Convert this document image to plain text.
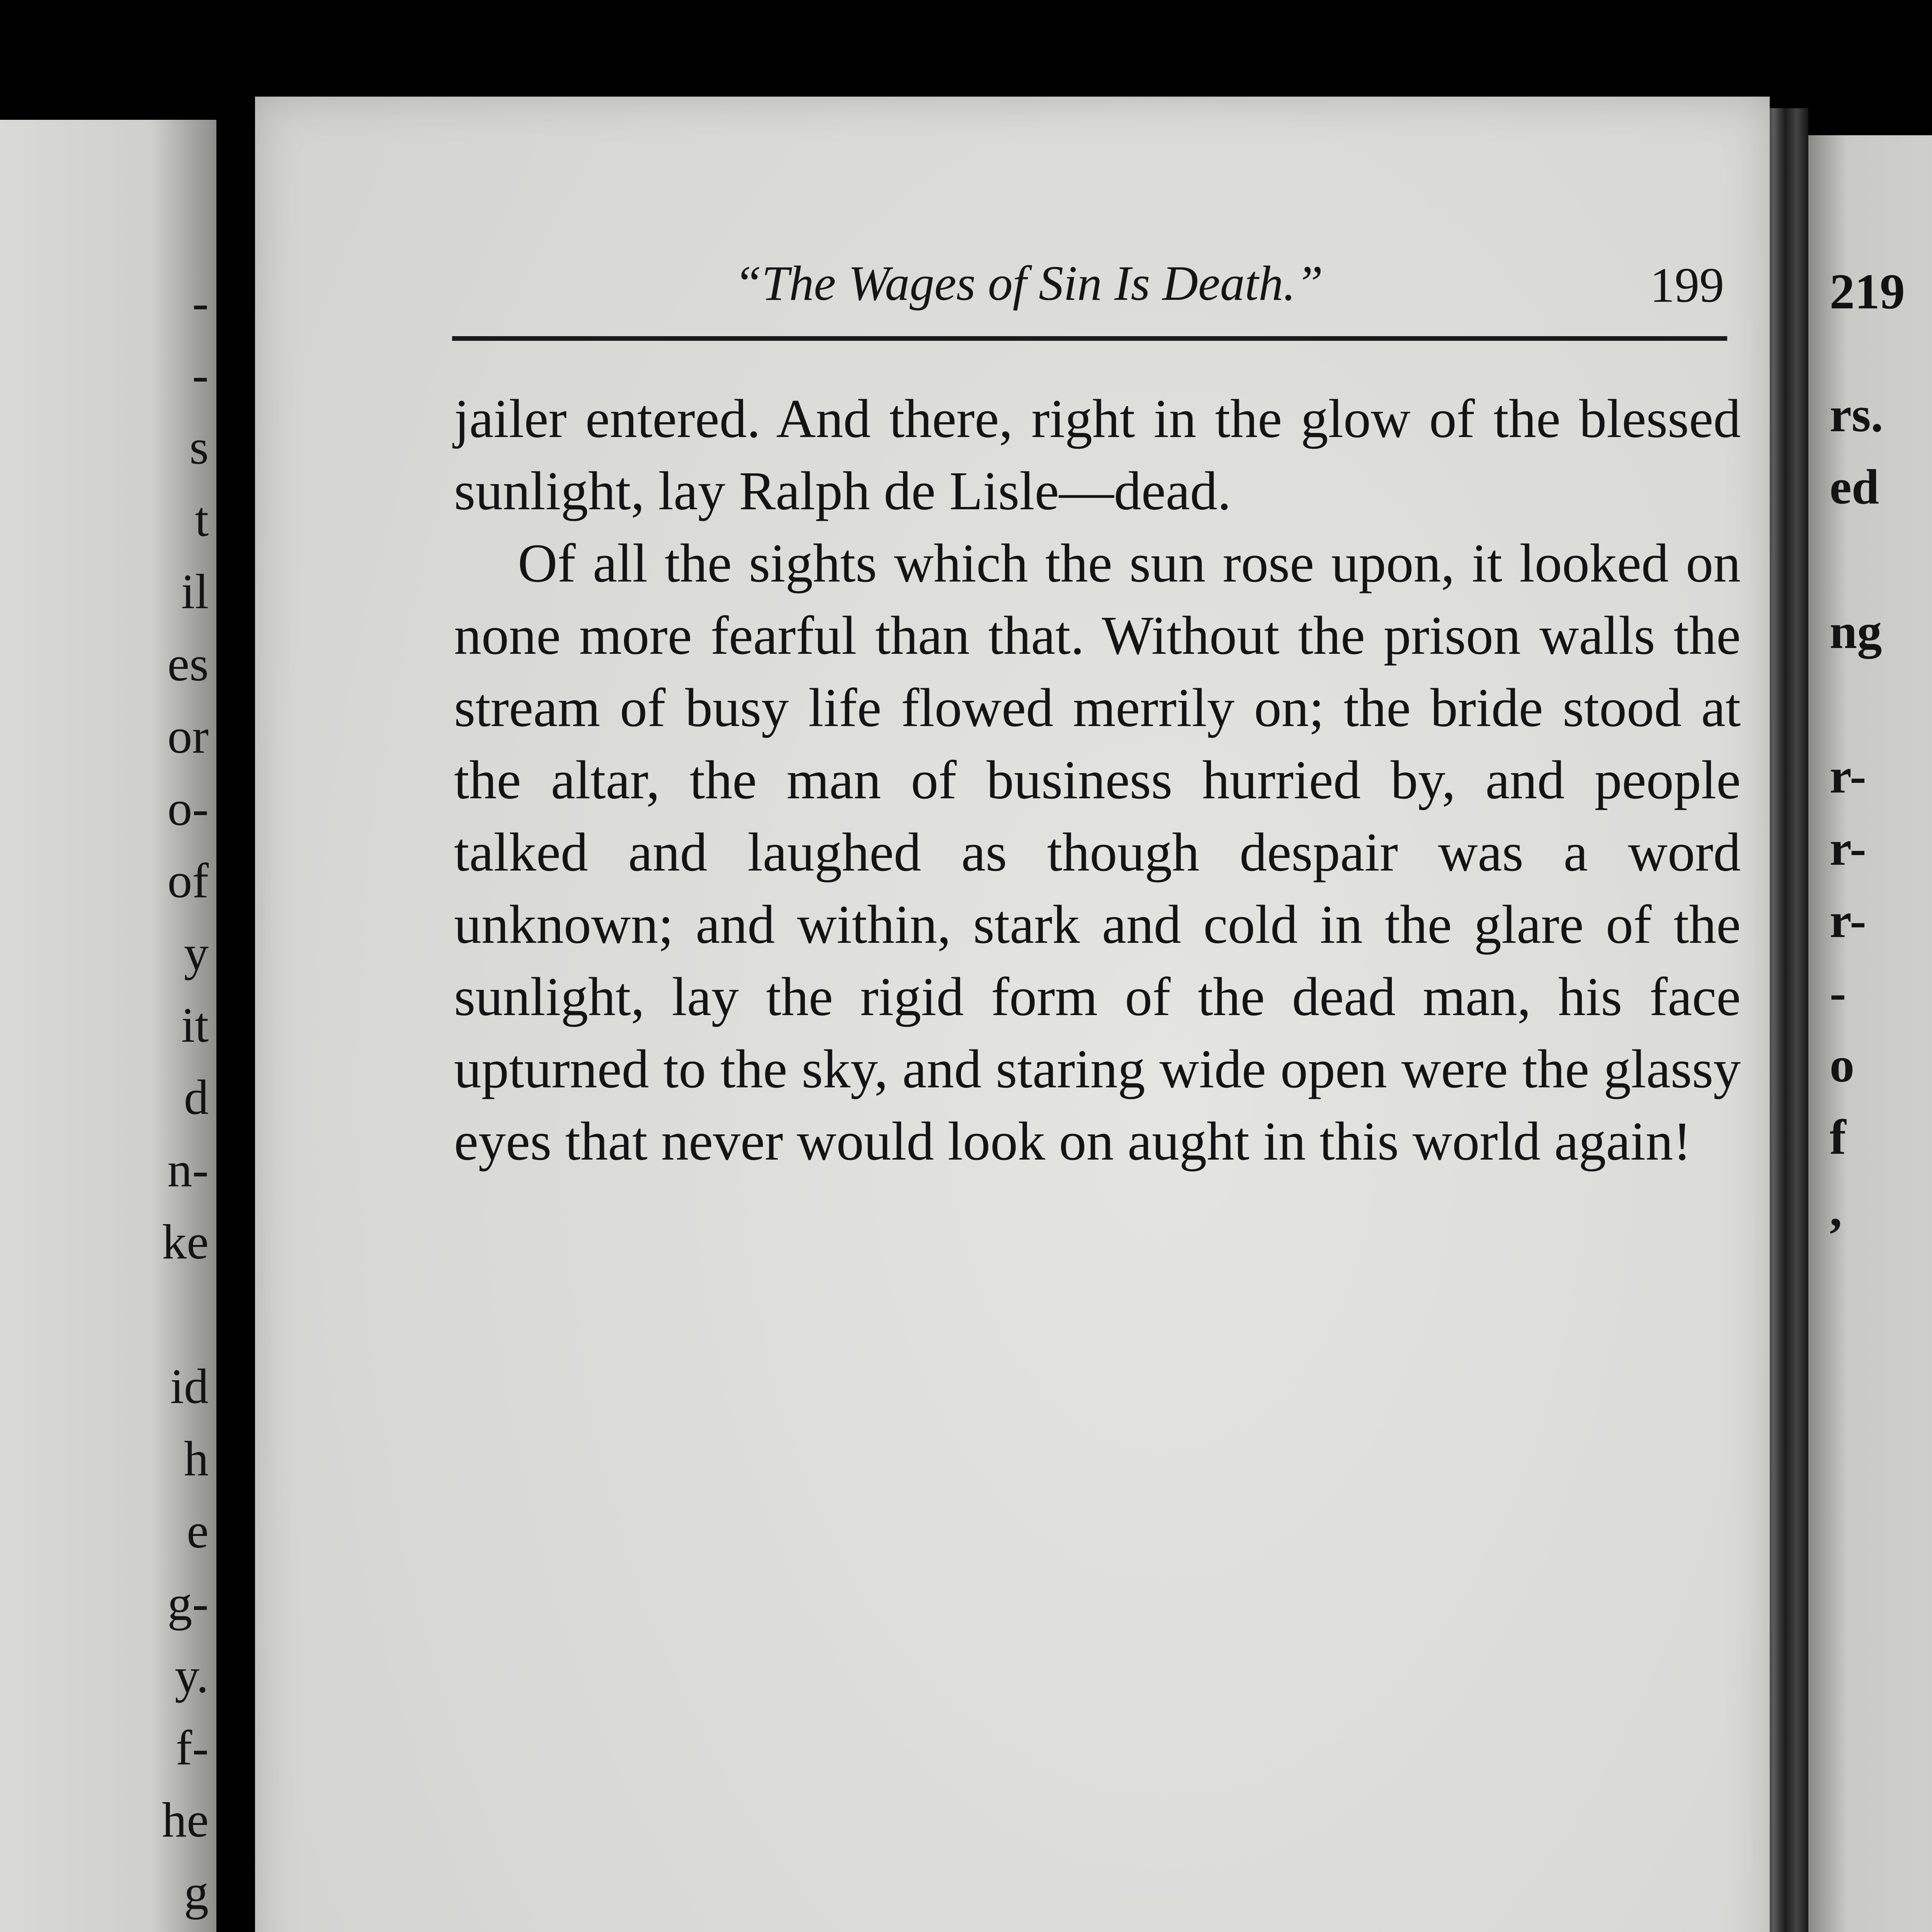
-
-
s
t
il
es
or
o-
of
y
it
d
n-
ke
id
h
e
g-
y.
f-
he
g
219
rs.
ed
ng
r-
r-
r-
-
o
f
,
“The Wages of Sin Is Death.”	199

jailer entered. And there, right in the glow of the blessed sunlight, lay Ralph de Lisle—dead.

Of all the sights which the sun rose upon, it looked on none more fearful than that. Without the prison walls the stream of busy life flowed merrily on; the bride stood at the altar, the man of business hurried by, and people talked and laughed as though despair was a word unknown; and within, stark and cold in the glare of the sunlight, lay the rigid form of the dead man, his face upturned to the sky, and staring wide open were the glassy eyes that never would look on aught in this world again!
